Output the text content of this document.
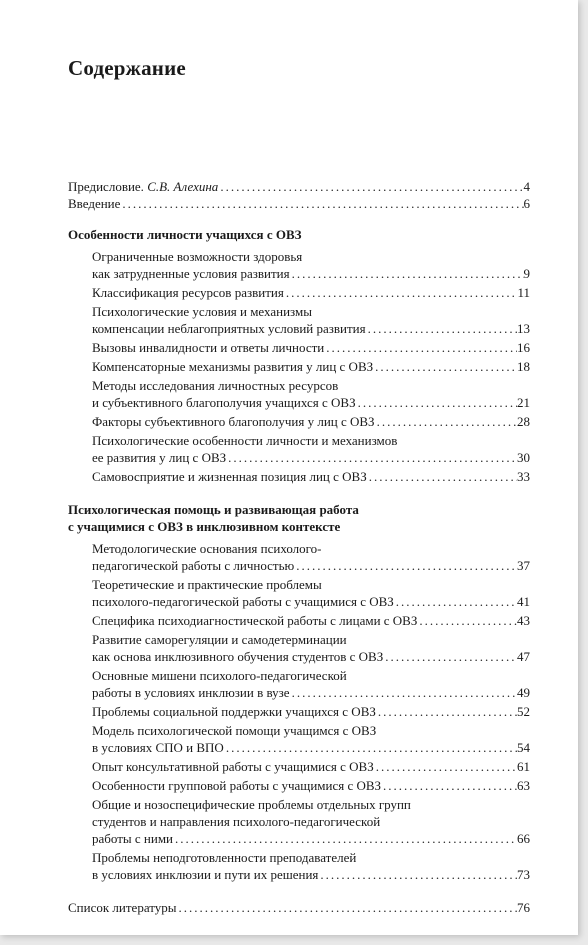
Содержание
Предисловие. С.В. Алехина .....	4
Введение .....	6
Особенности личности учащихся с ОВЗ
Ограниченные возможности здоровья
как затрудненные условия развития .....	9
Классификация ресурсов развития .....	11
Психологические условия и механизмы
компенсации неблагоприятных условий развития .....	13
Вызовы инвалидности и ответы личности .....	16
Компенсаторные механизмы развития у лиц с ОВЗ .....	18
Методы исследования личностных ресурсов
и субъективного благополучия учащихся с ОВЗ .....	21
Факторы субъективного благополучия у лиц с ОВЗ .....	28
Психологические особенности личности и механизмов
ее развития у лиц с ОВЗ .....	30
Самовосприятие и жизненная позиция лиц с ОВЗ .....	33
Психологическая помощь и развивающая работа
с учащимися с ОВЗ в инклюзивном контексте
Методологические основания психолого-
педагогической работы с личностью .....	37
Теоретические и практические проблемы
психолого-педагогической работы с учащимися с ОВЗ .....	41
Специфика психодиагностической работы с лицами с ОВЗ .....	43
Развитие саморегуляции и самодетерминации
как основа инклюзивного обучения студентов с ОВЗ .....	47
Основные мишени психолого-педагогической
работы в условиях инклюзии в вузе .....	49
Проблемы социальной поддержки учащихся с ОВЗ .....	52
Модель психологической помощи учащимся с ОВЗ
в условиях СПО и ВПО .....	54
Опыт консультативной работы с учащимися с ОВЗ .....	61
Особенности групповой работы с учащимися с ОВЗ .....	63
Общие и нозоспецифические проблемы отдельных групп
студентов и направления психолого-педагогической
работы с ними .....	66
Проблемы неподготовленности преподавателей
в условиях инклюзии и пути их решения .....	73
Список литературы .....	76
